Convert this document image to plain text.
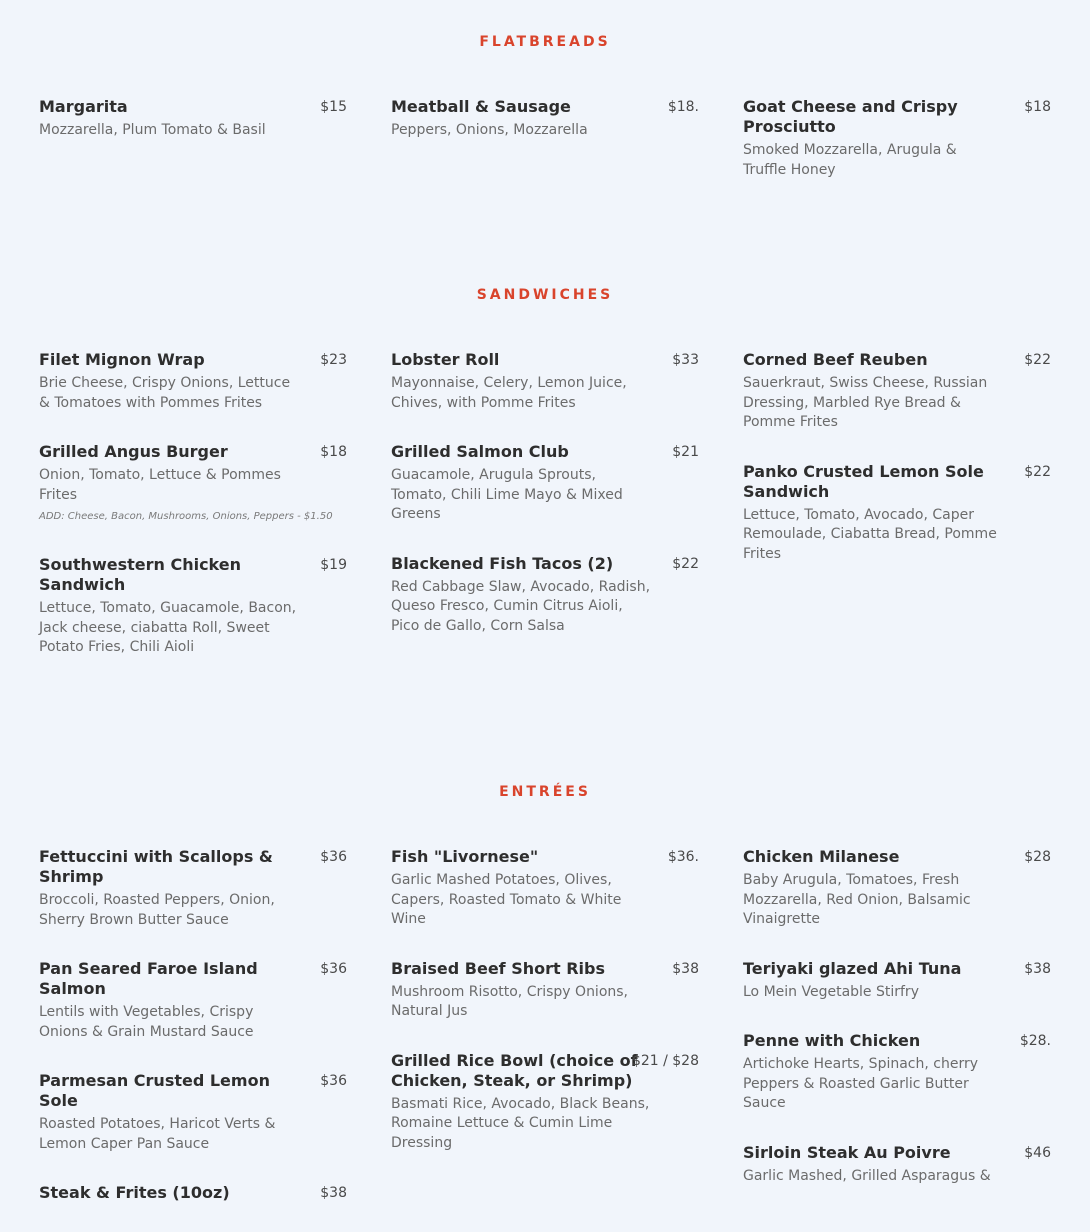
FLATBREADS
Margarita	$15
Mozzarella, Plum Tomato & Basil
Meatball & Sausage	$18.
Peppers, Onions, Mozzarella
Goat Cheese and Crispy Prosciutto
$18
Smoked Mozzarella, Arugula & Truffle Honey
SANDWICHES
Filet Mignon Wrap	$23
Brie Cheese, Crispy Onions, Lettuce & Tomatoes with Pommes Frites
Grilled Angus Burger	$18
Onion, Tomato, Lettuce & Pommes Frites
ADD: Cheese, Bacon, Mushrooms, Onions, Peppers - $1.50
Southwestern Chicken Sandwich
$19
Lettuce, Tomato, Guacamole, Bacon, Jack cheese, ciabatta Roll, Sweet Potato Fries, Chili Aioli
Lobster Roll	$33
Mayonnaise, Celery, Lemon Juice, Chives, with Pomme Frites
Grilled Salmon Club	$21
Guacamole, Arugula Sprouts, Tomato, Chili Lime Mayo & Mixed Greens
Blackened Fish Tacos (2)	$22
Red Cabbage Slaw, Avocado, Radish, Queso Fresco, Cumin Citrus Aioli, Pico de Gallo, Corn Salsa
Corned Beef Reuben	$22
Sauerkraut, Swiss Cheese, Russian Dressing, Marbled Rye Bread & Pomme Frites
Panko Crusted Lemon Sole Sandwich
$22
Lettuce, Tomato, Avocado, Caper Remoulade, Ciabatta Bread, Pomme Frites
ENTRÉES
Fettuccini with Scallops & Shrimp
$36
Broccoli, Roasted Peppers, Onion, Sherry Brown Butter Sauce
Pan Seared Faroe Island Salmon
$36
Lentils with Vegetables, Crispy Onions & Grain Mustard Sauce
Parmesan Crusted Lemon Sole
$36
Roasted Potatoes, Haricot Verts & Lemon Caper Pan Sauce
Steak & Frites (10oz)	$38
Fish "Livornese"	$36.
Garlic Mashed Potatoes, Olives, Capers, Roasted Tomato & White Wine
Braised Beef Short Ribs	$38
Mushroom Risotto, Crispy Onions, Natural Jus
Grilled Rice Bowl (choice of Chicken, Steak, or Shrimp)
$21 / $28
Basmati Rice, Avocado, Black Beans, Romaine Lettuce & Cumin Lime Dressing
Chicken Milanese	$28
Baby Arugula, Tomatoes, Fresh Mozzarella, Red Onion, Balsamic Vinaigrette
Teriyaki glazed Ahi Tuna	$38
Lo Mein Vegetable Stirfry
Penne with Chicken	$28.
Artichoke Hearts, Spinach, cherry Peppers & Roasted Garlic Butter Sauce
Sirloin Steak Au Poivre	$46
Garlic Mashed, Grilled Asparagus &
